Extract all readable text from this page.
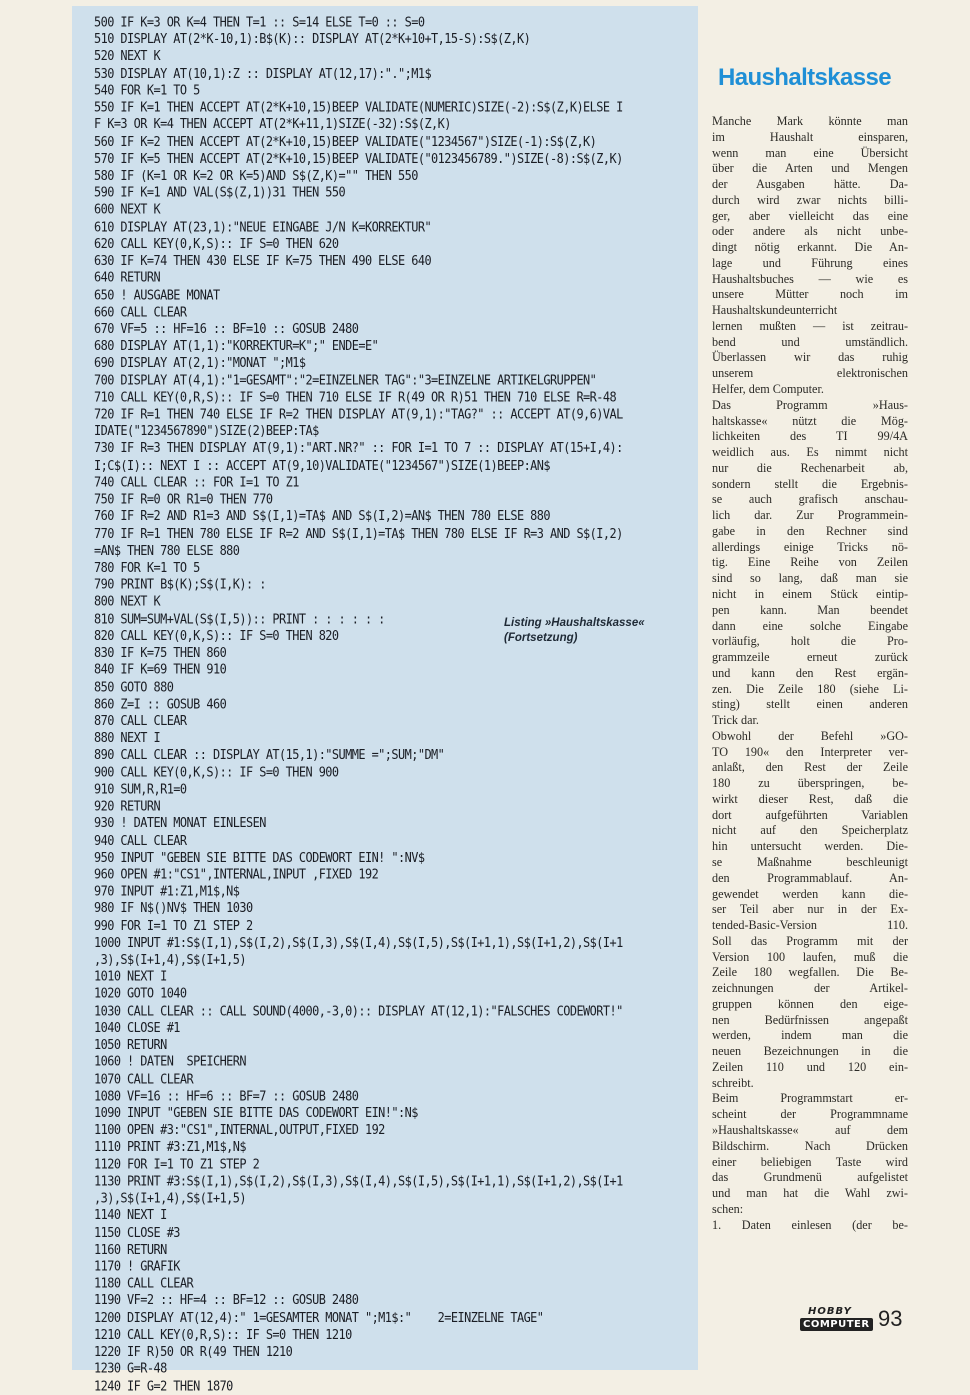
500 IF K=3 OR K=4 THEN T=1 :: S=14 ELSE T=0 :: S=0
510 DISPLAY AT(2*K-10,1):B$(K):: DISPLAY AT(2*K+10+T,15-S):S$(Z,K)
520 NEXT K
530 DISPLAY AT(10,1):Z :: DISPLAY AT(12,17):".";M1$
540 FOR K=1 TO 5
550 IF K=1 THEN ACCEPT AT(2*K+10,15)BEEP VALIDATE(NUMERIC)SIZE(-2):S$(Z,K)ELSE I
F K=3 OR K=4 THEN ACCEPT AT(2*K+11,1)SIZE(-32):S$(Z,K)
560 IF K=2 THEN ACCEPT AT(2*K+10,15)BEEP VALIDATE("1234567")SIZE(-1):S$(Z,K)
570 IF K=5 THEN ACCEPT AT(2*K+10,15)BEEP VALIDATE("0123456789.")SIZE(-8):S$(Z,K)
580 IF (K=1 OR K=2 OR K=5)AND S$(Z,K)="" THEN 550
590 IF K=1 AND VAL(S$(Z,1))31 THEN 550
600 NEXT K
610 DISPLAY AT(23,1):"NEUE EINGABE J/N K=KORREKTUR"
620 CALL KEY(0,K,S):: IF S=0 THEN 620
630 IF K=74 THEN 430 ELSE IF K=75 THEN 490 ELSE 640
640 RETURN
650 ! AUSGABE MONAT
660 CALL CLEAR
670 VF=5 :: HF=16 :: BF=10 :: GOSUB 2480
680 DISPLAY AT(1,1):"KORREKTUR=K";" ENDE=E"
690 DISPLAY AT(2,1):"MONAT ";M1$
700 DISPLAY AT(4,1):"1=GESAMT":"2=EINZELNER TAG":"3=EINZELNE ARTIKELGRUPPEN"
710 CALL KEY(0,R,S):: IF S=0 THEN 710 ELSE IF R(49 OR R)51 THEN 710 ELSE R=R-48
720 IF R=1 THEN 740 ELSE IF R=2 THEN DISPLAY AT(9,1):"TAG?" :: ACCEPT AT(9,6)VAL
IDATE("1234567890")SIZE(2)BEEP:TA$
730 IF R=3 THEN DISPLAY AT(9,1):"ART.NR?" :: FOR I=1 TO 7 :: DISPLAY AT(15+I,4):
I;C$(I):: NEXT I :: ACCEPT AT(9,10)VALIDATE("1234567")SIZE(1)BEEP:AN$
740 CALL CLEAR :: FOR I=1 TO Z1
750 IF R=0 OR R1=0 THEN 770
760 IF R=2 AND R1=3 AND S$(I,1)=TA$ AND S$(I,2)=AN$ THEN 780 ELSE 880
770 IF R=1 THEN 780 ELSE IF R=2 AND S$(I,1)=TA$ THEN 780 ELSE IF R=3 AND S$(I,2)
=AN$ THEN 780 ELSE 880
780 FOR K=1 TO 5
790 PRINT B$(K);S$(I,K): :
800 NEXT K
810 SUM=SUM+VAL(S$(I,5)):: PRINT : : : : : :
820 CALL KEY(0,K,S):: IF S=0 THEN 820
830 IF K=75 THEN 860
840 IF K=69 THEN 910
850 GOTO 880
860 Z=I :: GOSUB 460
870 CALL CLEAR
880 NEXT I
890 CALL CLEAR :: DISPLAY AT(15,1):"SUMME =";SUM;"DM"
900 CALL KEY(0,K,S):: IF S=0 THEN 900
910 SUM,R,R1=0
920 RETURN
930 ! DATEN MONAT EINLESEN
940 CALL CLEAR
950 INPUT "GEBEN SIE BITTE DAS CODEWORT EIN! ":NV$
960 OPEN #1:"CS1",INTERNAL,INPUT ,FIXED 192
970 INPUT #1:Z1,M1$,N$
980 IF N$()NV$ THEN 1030
990 FOR I=1 TO Z1 STEP 2
1000 INPUT #1:S$(I,1),S$(I,2),S$(I,3),S$(I,4),S$(I,5),S$(I+1,1),S$(I+1,2),S$(I+1
,3),S$(I+1,4),S$(I+1,5)
1010 NEXT I
1020 GOTO 1040
1030 CALL CLEAR :: CALL SOUND(4000,-3,0):: DISPLAY AT(12,1):"FALSCHES CODEWORT!"
1040 CLOSE #1
1050 RETURN
1060 ! DATEN  SPEICHERN
1070 CALL CLEAR
1080 VF=16 :: HF=6 :: BF=7 :: GOSUB 2480
1090 INPUT "GEBEN SIE BITTE DAS CODEWORT EIN!":N$
1100 OPEN #3:"CS1",INTERNAL,OUTPUT,FIXED 192
1110 PRINT #3:Z1,M1$,N$
1120 FOR I=1 TO Z1 STEP 2
1130 PRINT #3:S$(I,1),S$(I,2),S$(I,3),S$(I,4),S$(I,5),S$(I+1,1),S$(I+1,2),S$(I+1
,3),S$(I+1,4),S$(I+1,5)
1140 NEXT I
1150 CLOSE #3
1160 RETURN
1170 ! GRAFIK
1180 CALL CLEAR
1190 VF=2 :: HF=4 :: BF=12 :: GOSUB 2480
1200 DISPLAY AT(12,4):" 1=GESAMTER MONAT ";M1$:"    2=EINZELNE TAGE"
1210 CALL KEY(0,R,S):: IF S=0 THEN 1210
1220 IF R)50 OR R(49 THEN 1210
1230 G=R-48
1240 IF G=2 THEN 1870
Listing »Haushaltskasse«
(Fortsetzung)
Haushaltskasse
Manche Mark könnte man
im Haushalt einsparen,
wenn man eine Übersicht
über die Arten und Mengen
der Ausgaben hätte. Da-
durch wird zwar nichts billi-
ger, aber vielleicht das eine
oder andere als nicht unbe-
dingt nötig erkannt. Die An-
lage und Führung eines
Haushaltsbuches — wie es
unsere Mütter noch im
Haushaltskundeunterricht
lernen mußten — ist zeitrau-
bend und umständlich.
Überlassen wir das ruhig
unserem elektronischen
Helfer, dem Computer.
Das Programm »Haus-
haltskasse« nützt die Mög-
lichkeiten des TI 99/4A
weidlich aus. Es nimmt nicht
nur die Rechenarbeit ab,
sondern stellt die Ergebnis-
se auch grafisch anschau-
lich dar. Zur Programmein-
gabe in den Rechner sind
allerdings einige Tricks nö-
tig. Eine Reihe von Zeilen
sind so lang, daß man sie
nicht in einem Stück eintip-
pen kann. Man beendet
dann eine solche Eingabe
vorläufig, holt die Pro-
grammzeile erneut zurück
und kann den Rest ergän-
zen. Die Zeile 180 (siehe Li-
sting) stellt einen anderen
Trick dar.
Obwohl der Befehl »GO-
TO 190« den Interpreter ver-
anlaßt, den Rest der Zeile
180 zu überspringen, be-
wirkt dieser Rest, daß die
dort aufgeführten Variablen
nicht auf den Speicherplatz
hin untersucht werden. Die-
se Maßnahme beschleunigt
den Programmablauf. An-
gewendet werden kann die-
ser Teil aber nur in der Ex-
tended-Basic-Version 110.
Soll das Programm mit der
Version 100 laufen, muß die
Zeile 180 wegfallen. Die Be-
zeichnungen der Artikel-
gruppen können den eige-
nen Bedürfnissen angepaßt
werden, indem man die
neuen Bezeichnungen in die
Zeilen 110 und 120 ein-
schreibt.
Beim Programmstart er-
scheint der Programmname
»Haushaltskasse« auf dem
Bildschirm. Nach Drücken
einer beliebigen Taste wird
das Grundmenü aufgelistet
und man hat die Wahl zwi-
schen:
1. Daten einlesen (der be-
HOBBY
COMPUTER 93
